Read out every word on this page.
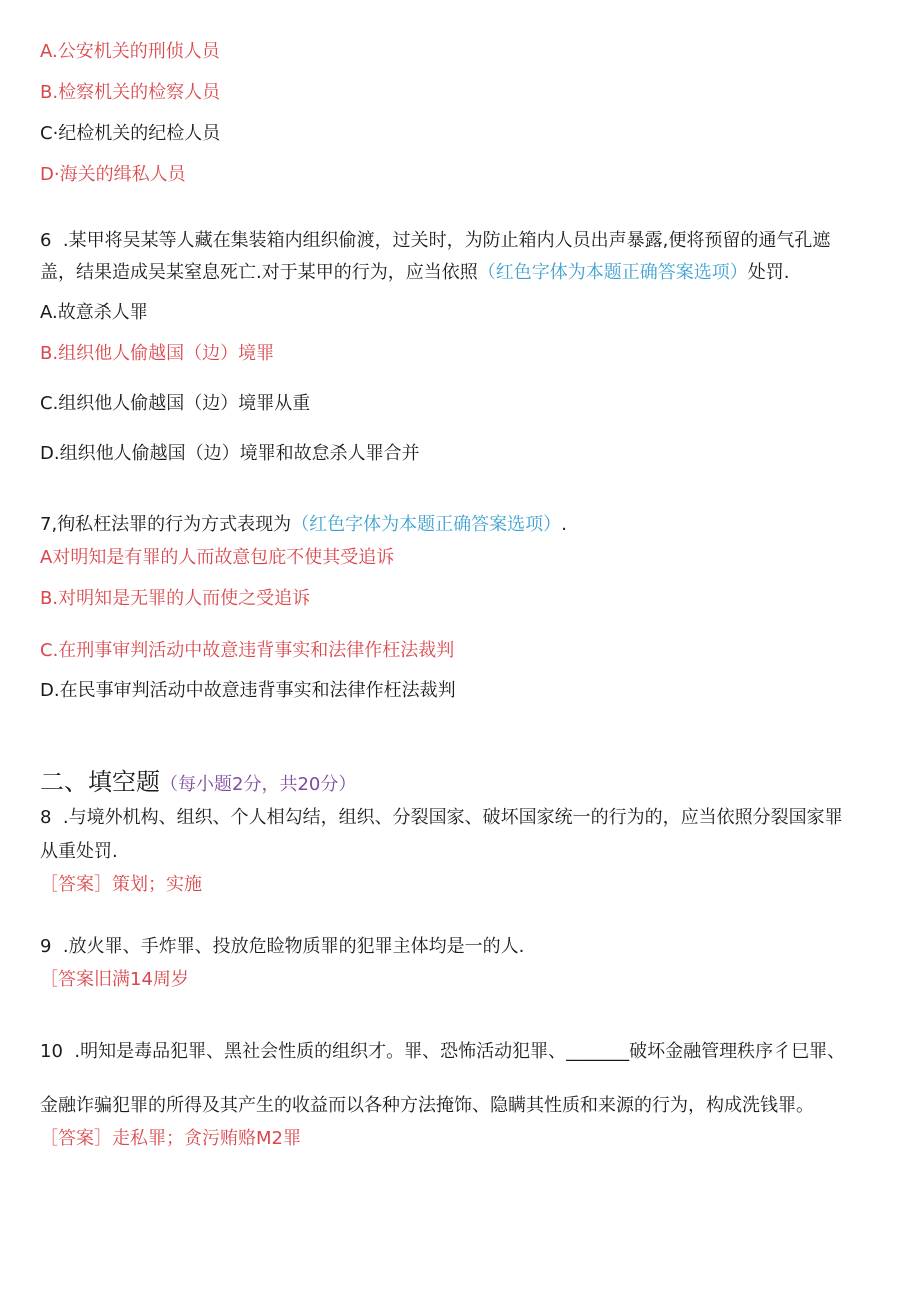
A.公安机关的刑侦人员
B.检察机关的检察人员
C·纪检机关的纪检人员
D·海关的缉私人员
6  .某甲将吴某等人藏在集装箱内组织偷渡，过关时，为防止箱内人员出声暴露,便将预留的通气孔遮
盖，结果造成吴某窒息死亡.对于某甲的行为，应当依照（红色字体为本题正确答案选项）处罚.
A.故意杀人罪
B.组织他人偷越国（边）境罪
C.组织他人偷越国（边）境罪从重
D.组织他人偷越国（边）境罪和故怠杀人罪合并
7,徇私枉法罪的行为方式表现为（红色字体为本题正确答案选项）.
A对明知是有罪的人而故意包庇不使其受追诉
B.对明知是无罪的人而使之受追诉
C.在刑事审判活动中故意违背事实和法律作枉法裁判
D.在民事审判活动中故意违背事实和法律作枉法裁判
二、填空题（每小题2分，共20分）
8  .与境外机构、组织、个人相勾结，组织、分裂国家、破坏国家统一的行为的，应当依照分裂国家罪
从重处罚.
［答案］策划；实施
9  .放火罪、手炸罪、投放危睑物质罪的犯罪主体均是一的人.
［答案旧满14周岁
10  .明知是毒品犯罪、黑社会性质的组织才。罪、恐怖活动犯罪、_______破坏金融管理秩序彳巳罪、
金融诈骗犯罪的所得及其产生的收益而以各种方法掩饰、隐瞒其性质和来源的行为，构成洗钱罪。
［答案］走私罪；贪污贿赂M2罪
